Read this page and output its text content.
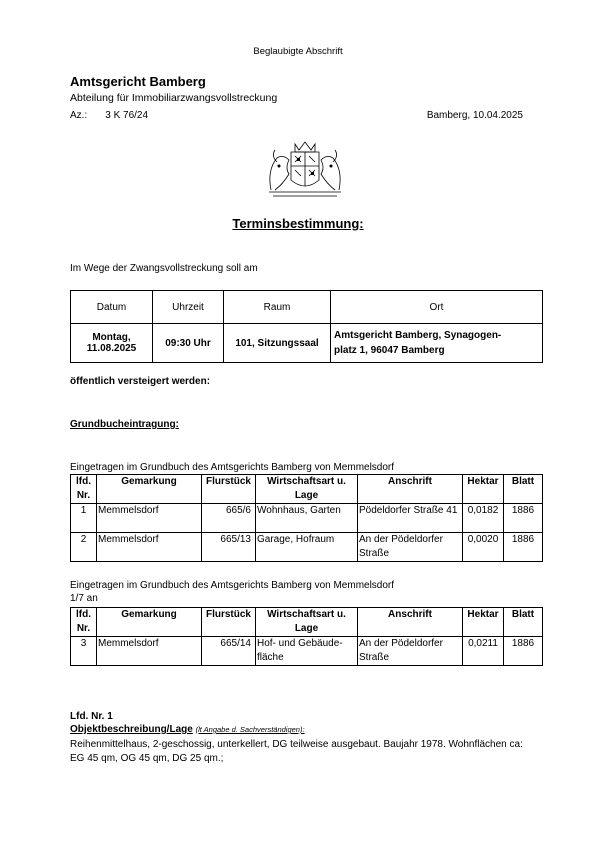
Beglaubigte Abschrift
Amtsgericht Bamberg
Abteilung für Immobiliarzwangsvollstreckung
Az.: 3 K 76/24	Bamberg, 10.04.2025
Terminsbestimmung:
Im Wege der Zwangsvollstreckung soll am
Datum	Uhrzeit	Raum	Ort
Montag,
11.08.2025	09:30 Uhr	101, Sitzungssaal	Amtsgericht Bamberg, Synagogen-
platz 1, 96047 Bamberg
öffentlich versteigert werden:
Grundbucheintragung:
Eingetragen im Grundbuch des Amtsgerichts Bamberg von Memmelsdorf
lfd. Nr.	Gemarkung	Flurstück	Wirtschaftsart u. Lage	Anschrift	Hektar	Blatt
1	Memmelsdorf	665/6	Wohnhaus, Garten	Pödeldorfer Straße 41	0,0182	1886
2	Memmelsdorf	665/13	Garage, Hofraum	An der Pödeldorfer Straße	0,0020	1886
Eingetragen im Grundbuch des Amtsgerichts Bamberg von Memmelsdorf
1/7 an
lfd. Nr.	Gemarkung	Flurstück	Wirtschaftsart u. Lage	Anschrift	Hektar	Blatt
3	Memmelsdorf	665/14	Hof- und Gebäude-fläche	An der Pödeldorfer Straße	0,0211	1886
Lfd. Nr. 1
Objektbeschreibung/Lage (lt Angabe d. Sachverständigen):
Reihenmittelhaus, 2-geschossig, unterkellert, DG teilweise ausgebaut. Baujahr 1978. Wohnflächen ca: EG 45 qm, OG 45 qm, DG 25 qm.;
